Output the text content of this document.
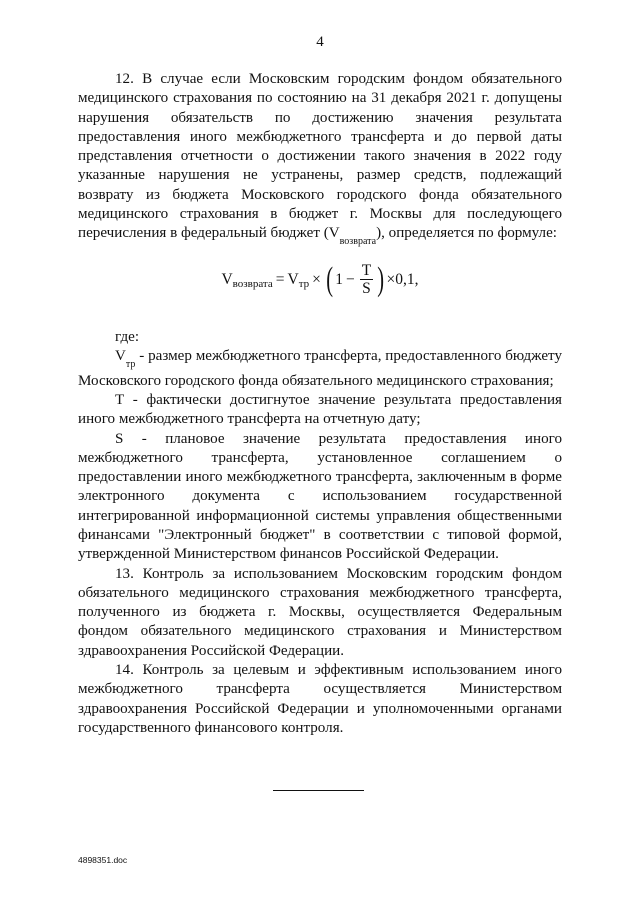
4

12. В случае если Московским городским фондом обязательного медицинского страхования по состоянию на 31 декабря 2021 г. допущены нарушения обязательств по достижению значения результата предоставления иного межбюджетного трансферта и до первой даты представления отчетности о достижении такого значения в 2022 году указанные нарушения не устранены, размер средств, подлежащий возврату из бюджета Московского городского фонда обязательного медицинского страхования в бюджет г. Москвы для последующего перечисления в федеральный бюджет $(V_{возврата})$, определяется по формуле:

V возврата = V тр × ( $1 - \frac{T}{S}$ ) ×0,1,

где:

$V_{тр}$ - размер межбюджетного трансферта, предоставленного бюджету Московского городского фонда обязательного медицинского страхования;

Т - фактически достигнутое значение результата предоставления иного межбюджетного трансферта на отчетную дату;

S - плановое значение результата предоставления иного межбюджетного трансферта, установленное соглашением о предоставлении иного межбюджетного трансферта, заключенным в форме электронного документа с использованием государственной интегрированной информационной системы управления общественными финансами "Электронный бюджет" в соответствии с типовой формой, утвержденной Министерством финансов Российской Федерации.

13. Контроль за использованием Московским городским фондом обязательного медицинского страхования межбюджетного трансферта, полученного из бюджета г. Москвы, осуществляется Федеральным фондом обязательного медицинского страхования и Министерством здравоохранения Российской Федерации.

14. Контроль за целевым и эффективным использованием иного межбюджетного трансферта осуществляется Министерством здравоохранения Российской Федерации и уполномоченными органами государственного финансового контроля.

4898351.doc
